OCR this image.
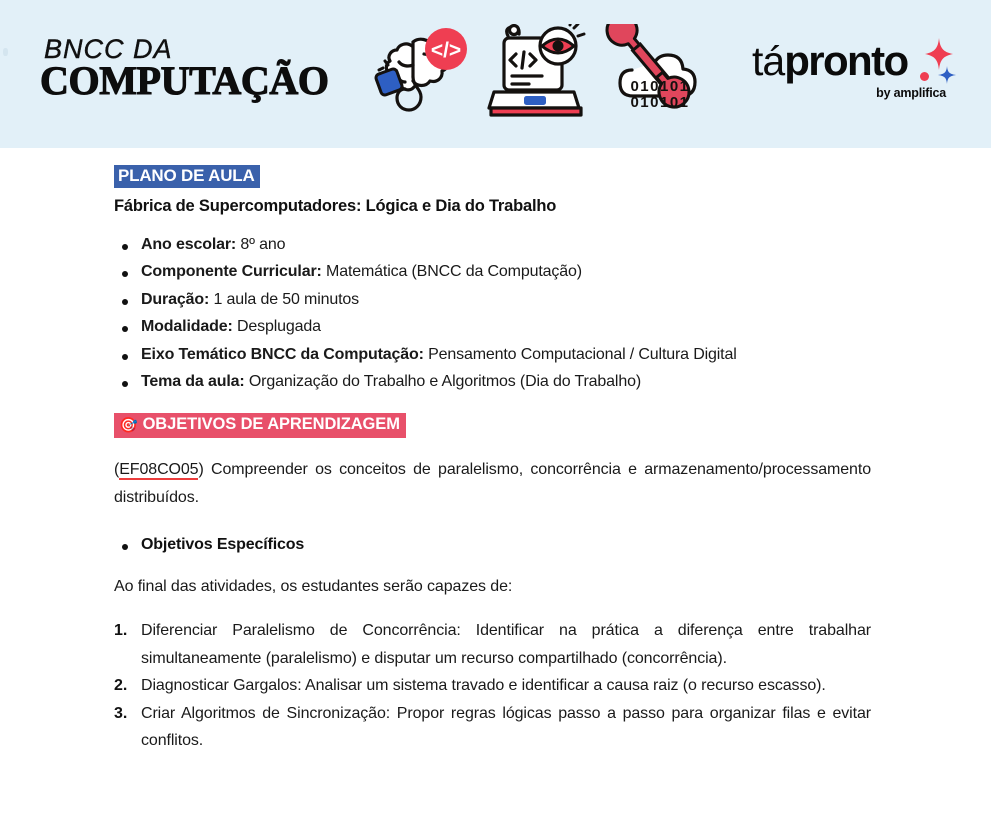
BNCC DA
COMPUTAÇÃO
</>
010101
010101
tápronto
by amplifica
PLANO DE AULA
Fábrica de Supercomputadores: Lógica e Dia do Trabalho
Ano escolar: 8º ano
Componente Curricular: Matemática (BNCC da Computação)
Duração: 1 aula de 50 minutos
Modalidade: Desplugada
Eixo Temático BNCC da Computação: Pensamento Computacional / Cultura Digital
Tema da aula: Organização do Trabalho e Algoritmos (Dia do Trabalho)
🎯 OBJETIVOS DE APRENDIZAGEM

(EF08CO05) Compreender os conceitos de paralelismo, concorrência e armazenamento/processamento distribuídos.

Objetivos Específicos

Ao final das atividades, os estudantes serão capazes de:

Diferenciar Paralelismo de Concorrência: Identificar na prática a diferença entre trabalhar simultaneamente (paralelismo) e disputar um recurso compartilhado (concorrência).
Diagnosticar Gargalos: Analisar um sistema travado e identificar a causa raiz (o recurso escasso).
Criar Algoritmos de Sincronização: Propor regras lógicas passo a passo para organizar filas e evitar conflitos.
